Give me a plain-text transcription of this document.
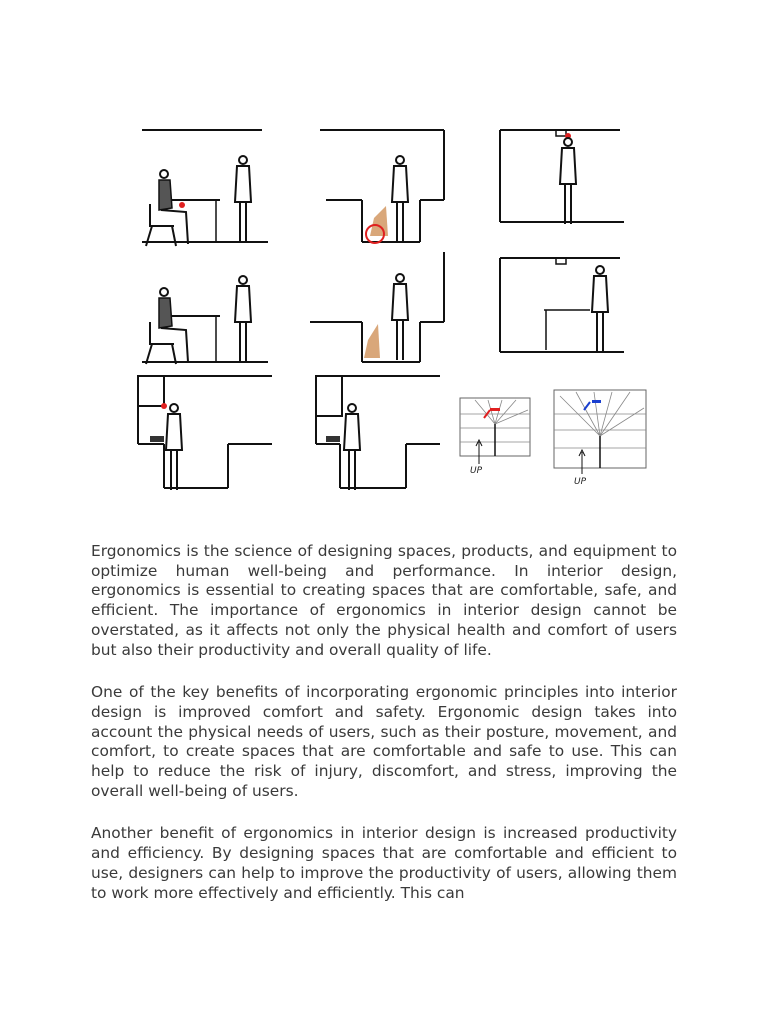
UP
UP

Ergonomics is the science of designing spaces, products, and equipment to optimize human well-being and performance. In interior design, ergonomics is essential to creating spaces that are comfortable, safe, and efficient. The importance of ergonomics in interior design cannot be overstated, as it affects not only the physical health and comfort of users but also their productivity and overall quality of life.

One of the key benefits of incorporating ergonomic principles into interior design is improved comfort and safety. Ergonomic design takes into account the physical needs of users, such as their posture, movement, and comfort, to create spaces that are comfortable and safe to use. This can help to reduce the risk of injury, discomfort, and stress, improving the overall well-being of users.

Another benefit of ergonomics in interior design is increased productivity and efficiency. By designing spaces that are comfortable and efficient to use, designers can help to improve the productivity of users, allowing them to work more effectively and efficiently. This can
